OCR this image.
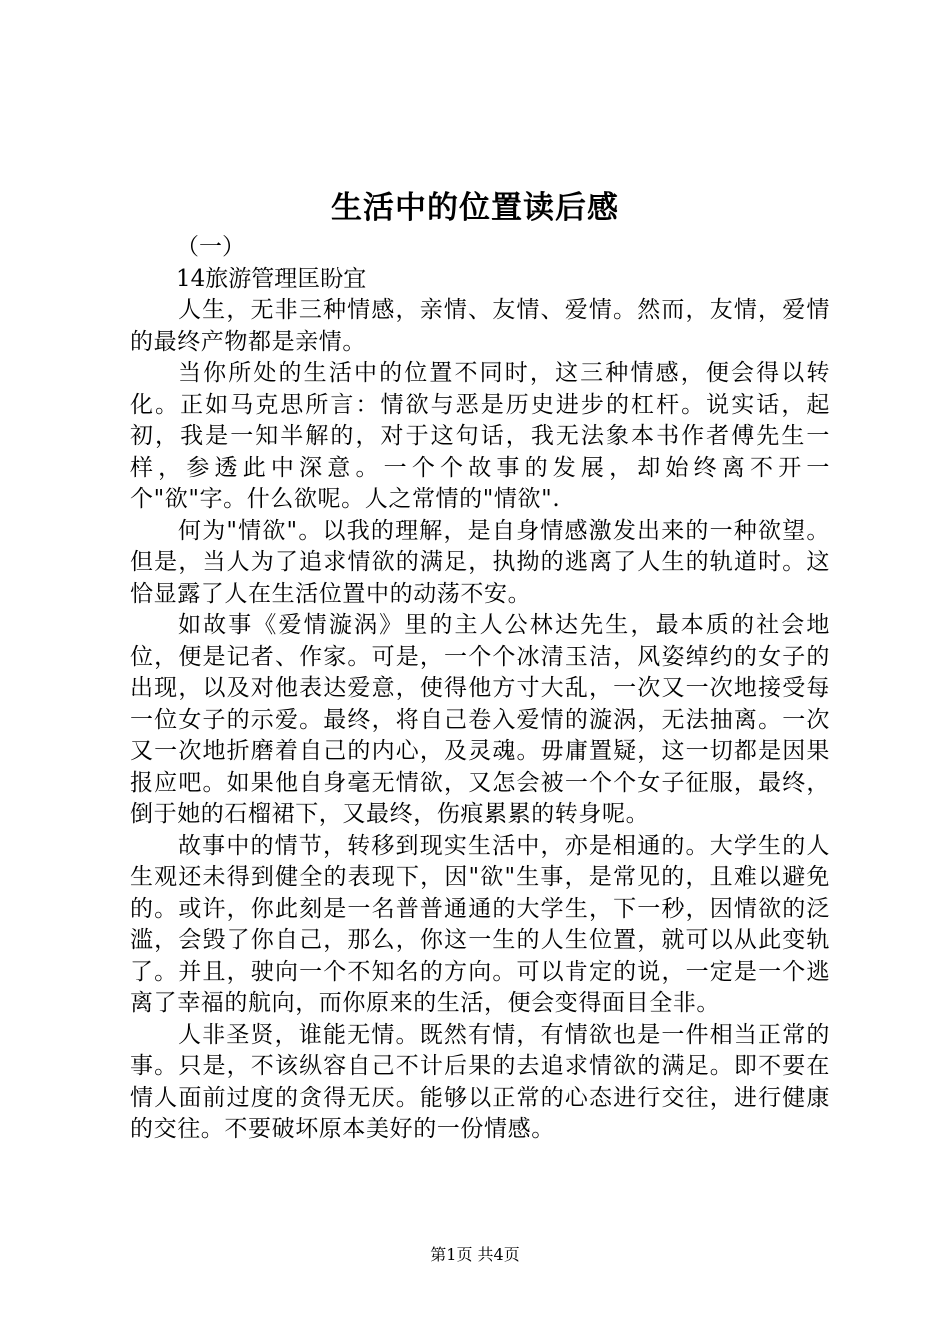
生活中的位置读后感
（一）
14旅游管理匡盼宜

人生，无非三种情感，亲情、友情、爱情。然而，友情，爱情的最终产物都是亲情。

当你所处的生活中的位置不同时，这三种情感，便会得以转化。正如马克思所言：情欲与恶是历史进步的杠杆。说实话，起初，我是一知半解的，对于这句话，我无法象本书作者傅先生一样，参透此中深意。一个个故事的发展，却始终离不开一个"欲"字。什么欲呢。人之常情的"情欲".

何为"情欲"。以我的理解，是自身情感激发出来的一种欲望。但是，当人为了追求情欲的满足，执拗的逃离了人生的轨道时。这恰显露了人在生活位置中的动荡不安。

如故事《爱情漩涡》里的主人公林达先生，最本质的社会地位，便是记者、作家。可是，一个个冰清玉洁，风姿绰约的女子的出现，以及对他表达爱意，使得他方寸大乱，一次又一次地接受每一位女子的示爱。最终，将自己卷入爱情的漩涡，无法抽离。一次又一次地折磨着自己的内心，及灵魂。毋庸置疑，这一切都是因果报应吧。如果他自身毫无情欲，又怎会被一个个女子征服，最终，倒于她的石榴裙下，又最终，伤痕累累的转身呢。

故事中的情节，转移到现实生活中，亦是相通的。大学生的人生观还未得到健全的表现下，因"欲"生事，是常见的，且难以避免的。或许，你此刻是一名普普通通的大学生，下一秒，因情欲的泛滥，会毁了你自己，那么，你这一生的人生位置，就可以从此变轨了。并且，驶向一个不知名的方向。可以肯定的说，一定是一个逃离了幸福的航向，而你原来的生活，便会变得面目全非。

人非圣贤，谁能无情。既然有情，有情欲也是一件相当正常的事。只是，不该纵容自己不计后果的去追求情欲的满足。即不要在情人面前过度的贪得无厌。能够以正常的心态进行交往，进行健康的交往。不要破坏原本美好的一份情感。

第1页 共4页
